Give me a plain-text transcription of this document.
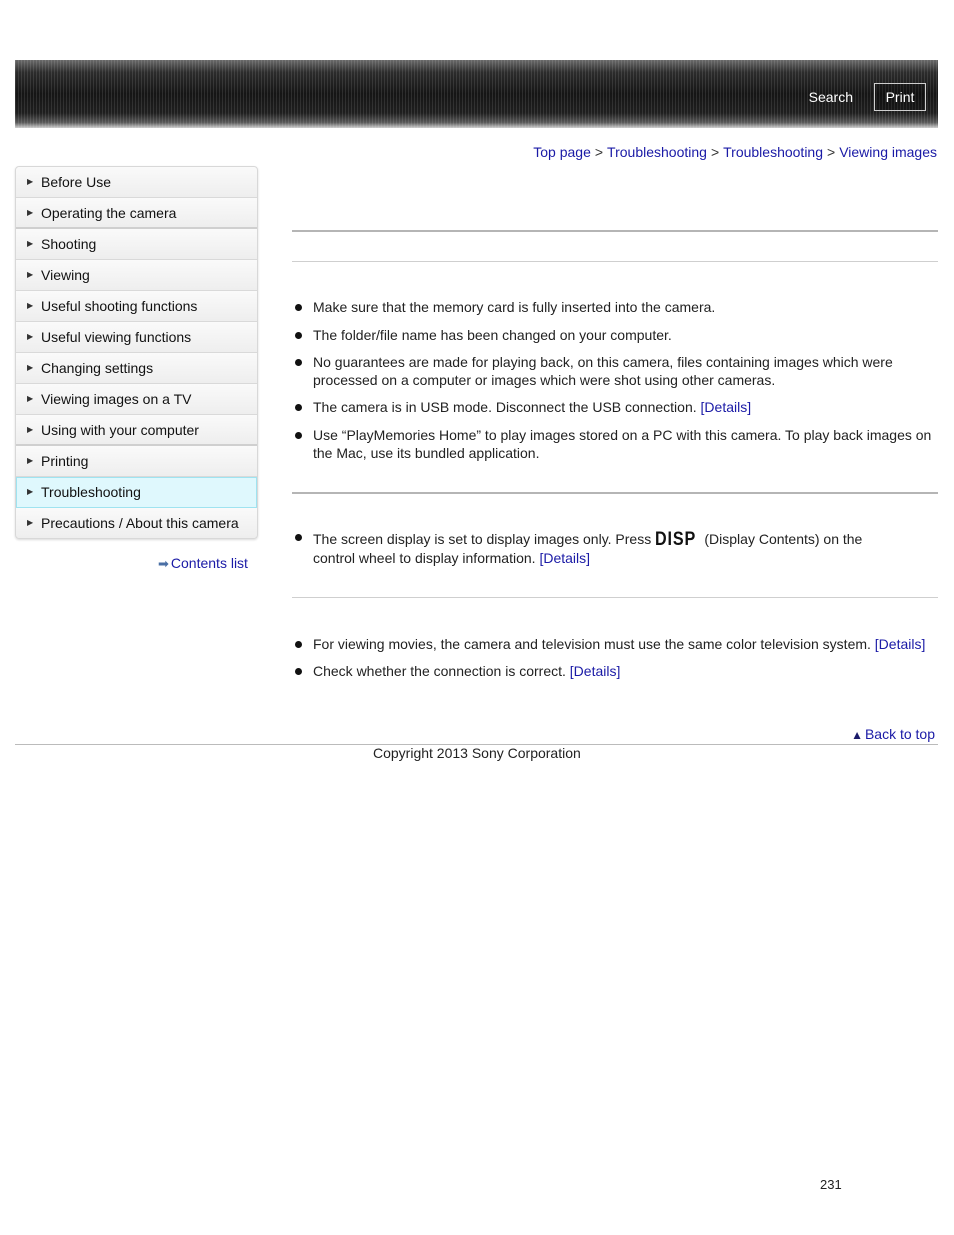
Search	Print
Top page > Troubleshooting > Troubleshooting > Viewing images
▶ Before Use
▶ Operating the camera
▶ Shooting
▶ Viewing
▶ Useful shooting functions
▶ Useful viewing functions
▶ Changing settings
▶ Viewing images on a TV
▶ Using with your computer
▶ Printing
▶ Troubleshooting
▶ Precautions / About this camera
➡ Contents list
Make sure that the memory card is fully inserted into the camera.
The folder/file name has been changed on your computer.
No guarantees are made for playing back, on this camera, files containing images which were processed on a computer or images which were shot using other cameras.
The camera is in USB mode. Disconnect the USB connection. [Details]
Use “PlayMemories Home” to play images stored on a PC with this camera. To play back images on the Mac, use its bundled application.
The screen display is set to display images only. Press DISP (Display Contents) on the control wheel to display information. [Details]
For viewing movies, the camera and television must use the same color television system. [Details]
Check whether the connection is correct. [Details]
▲ Back to top
Copyright 2013 Sony Corporation
231
